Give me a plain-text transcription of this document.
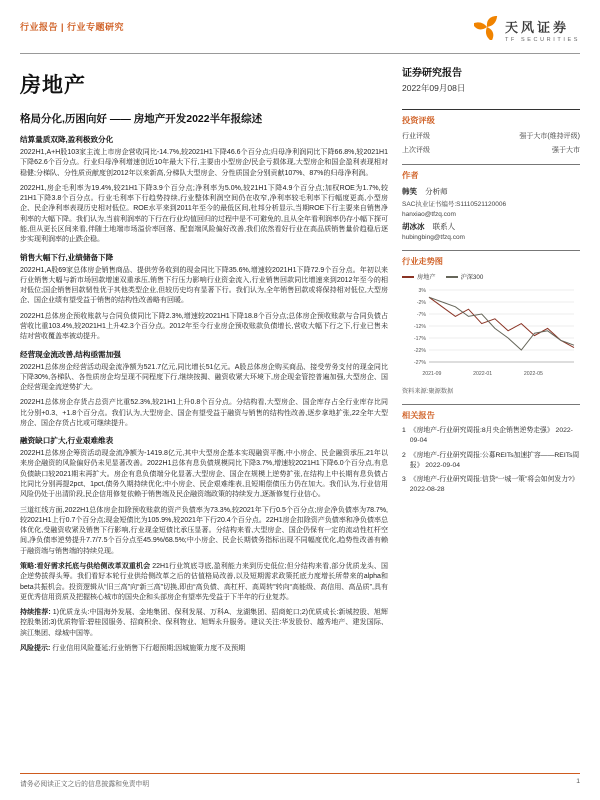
行业报告 | 行业专题研究	天风证券
TF SECURITIES
房地产
证券研究报告
2022年09月08日
格局分化,历困向好 —— 房地产开发2022半年报综述
结算量质双降,盈利极致分化

2022H1,A+H股103家主流上市房企营收同比-14.7%,较2021H1下降46.6个百分点;归母净利润同比下降66.8%,较2021H1下降62.6个百分点。行业归母净利增速创近10年最大下行,主要由小型房企/民企亏损体现,大型房企和国企盈利表现相对稳健;分梯队、分性质贡献度创2012年以来新高,分梯队大型房企、分性质国企分别贡献107%、87%的归母净利润。

2022H1,房企毛利率为19.4%,较21H1下降3.9个百分点;净利率为5.0%,较21H1下降4.9个百分点;加权ROE为1.7%,较21H1下降3.8个百分点。行业毛利率下行趋势持续,行业整体利润空间仍在收窄,净利率较毛利率下行幅度更高,小型房企、民企净利率表现历史相对低位。ROE水平来到2011年至今的最低区间,杜邦分析显示,当期ROE下行主要来自销售净利率的大幅下降。我们认为,当前利润率的下行在行业均值回归的过程中是不可避免的,且从全年看利润率仍存小幅下探可能,但从更长区间来看,伴随土地端市场溢价率回落、配套端风险偏好改善,我们依然看好行业在高品质销售量价趋稳后逐步实现利润率的止跌企稳。

销售大幅下行,业绩储备下降

2022H1,A股69家总体房企销售商品、提供劳务收到的现金同比下降35.6%,增速较2021H1下降72.9个百分点。年初以来行业销售大幅与新市场回款增速双重承压,销售下行压力影响行业资金流入,行业销售回款同比增速来到2012年至今的相对低位;国企销售回款韧性优于其他类型企业,但较历史均有显著下行。我们认为,全年销售回款或将保持相对低位,大型房企、国企业绩有望受益于销售的结构性改善略有回暖。

2022H1总体房企预收账款与合同负债同比下降2.3%,增速较2021H1下降18.8个百分点;总体房企预收账款与合同负债占营收比重103.4%,较2021H1上升42.3个百分点。2012年至今行业房企预收账款负债增长,营收大幅下行之下,行业已售未结对营收覆盖率被动提升。

经营现金流改善,结构亟需加强

2022H1总体房企经营活动现金流净额为521.7亿元,同比增长51亿元。A股总体房企购买商品、接受劳务支付的现金同比下降30%,各梯队、各性质房企均呈现不同程度下行,继续按揭、融资收紧大环境下,房企现金管控普遍加强,大型房企、国企经营现金流逆势扩大。

2022H1总体房企存货占总资产比重52.3%,较21H1上升0.8个百分点。分结构看,大型房企、国企库存占全行业库存比同比分别+0.3、+1.8个百分点。我们认为,大型房企、国企有望受益于融资与销售的结构性改善,逐步拿地扩张,22全年大型房企、国企存货占比或可继续提升。

融资缺口扩大,行业艰难维表

2022H1总体房企筹资活动现金流净额为-1419.8亿元,其中大型房企基本实现融资平衡,中小房企、民企融资承压,21年以来房企融资的风险偏好仍未见显著改善。2022H1总体有息负债规模同比下降3.7%,增速较2021H1下降6.0个百分点,有息负债缺口较2021期末再扩大。房企有息负债端分化显著,大型房企、国企在规模上逆势扩张,在结构上中长期有息负债占比同比分别再提2pct、1pct,债务久期持续优化;中小房企、民企艰难维表,且短期偿债压力仍在加大。我们认为,行业信用风险仍处于出清阶段,民企信用修复依赖于销售端及民企融资端政策的持续发力,逐渐修复行业信心。

三道红线方面,2022H1总体房企扣除预收账款的资产负债率为73.3%,较2021年下行0.5个百分点;房企净负债率为78.7%,较2021H1上行0.7个百分点;现金短债比为105.9%,较2021年下行20.4个百分点。22H1房企扣除资产负债率和净负债率总体优化,受融资收紧及销售下行影响,行业现金短债比承压显著。分结构来看,大型房企、国企仍保有一定的流动性杠杆空间,净负债率逆势提升7.7/7.5个百分点至45.9%/68.5%;中小房企、民企长期债务指标出现不同幅度优化,趋势性改善有赖于融资端与销售端的持续兑现。

策略:看好需求托底与供给侧改革双重机会 22H1行业筑底寻底,盈利能力来到历史低位;但分结构来看,部分优质龙头、国企逆势拔得头筹。我们看好本轮行业供给侧改革之后的估值格局改善,以及短期需求政策托底力度增长所带来的alpha和beta共振机会。投资逻辑从“旧三高”向“新三高”切换,即由“高负债、高杠杆、高周转”转向“高能级、高信用、高品质”,具有更优秀信用资质及把握核心城市的国央企和头部房企有望率先受益于下半年的行业复苏。

持续推荐: 1)优质龙头:中国海外发展、金地集团、保利发展、万科A、龙湖集团、招商蛇口;2)优质成长:新城控股、旭辉控股集团;3)优质物管:碧桂园服务、招商积余、保利物业、旭辉永升服务。建议关注:华发股份、越秀地产、建发国际、滨江集团、绿城中国等。

风险提示: 行业信用风险蔓延;行业销售下行超预期;因城施策力度不及预期

投资评级
行业评级	强于大市(维持评级)
上次评级	强于大市
作者
韩笑 分析师
SAC执业证书编号:S1110521120006
hanxiao@tfzq.com
胡冰冰 联系人
hubingbing@tfzq.com
行业走势图
房地产	沪深300
3%
-2%
-7%
-12%
-17%
-22%
-27%
2021-09	2022-01	2022-05
资料来源:聚源数据
相关报告
1 《房地产-行业研究周报:8月央企销售逆势走强》 2022-09-04
2 《房地产-行业研究周报:公募REITs加速扩容——REITs周报》 2022-09-04
3 《房地产-行业研究周报:信贷“一城一策”将会如何发力?》 2022-08-28
请务必阅读正文之后的信息披露和免责申明	1
